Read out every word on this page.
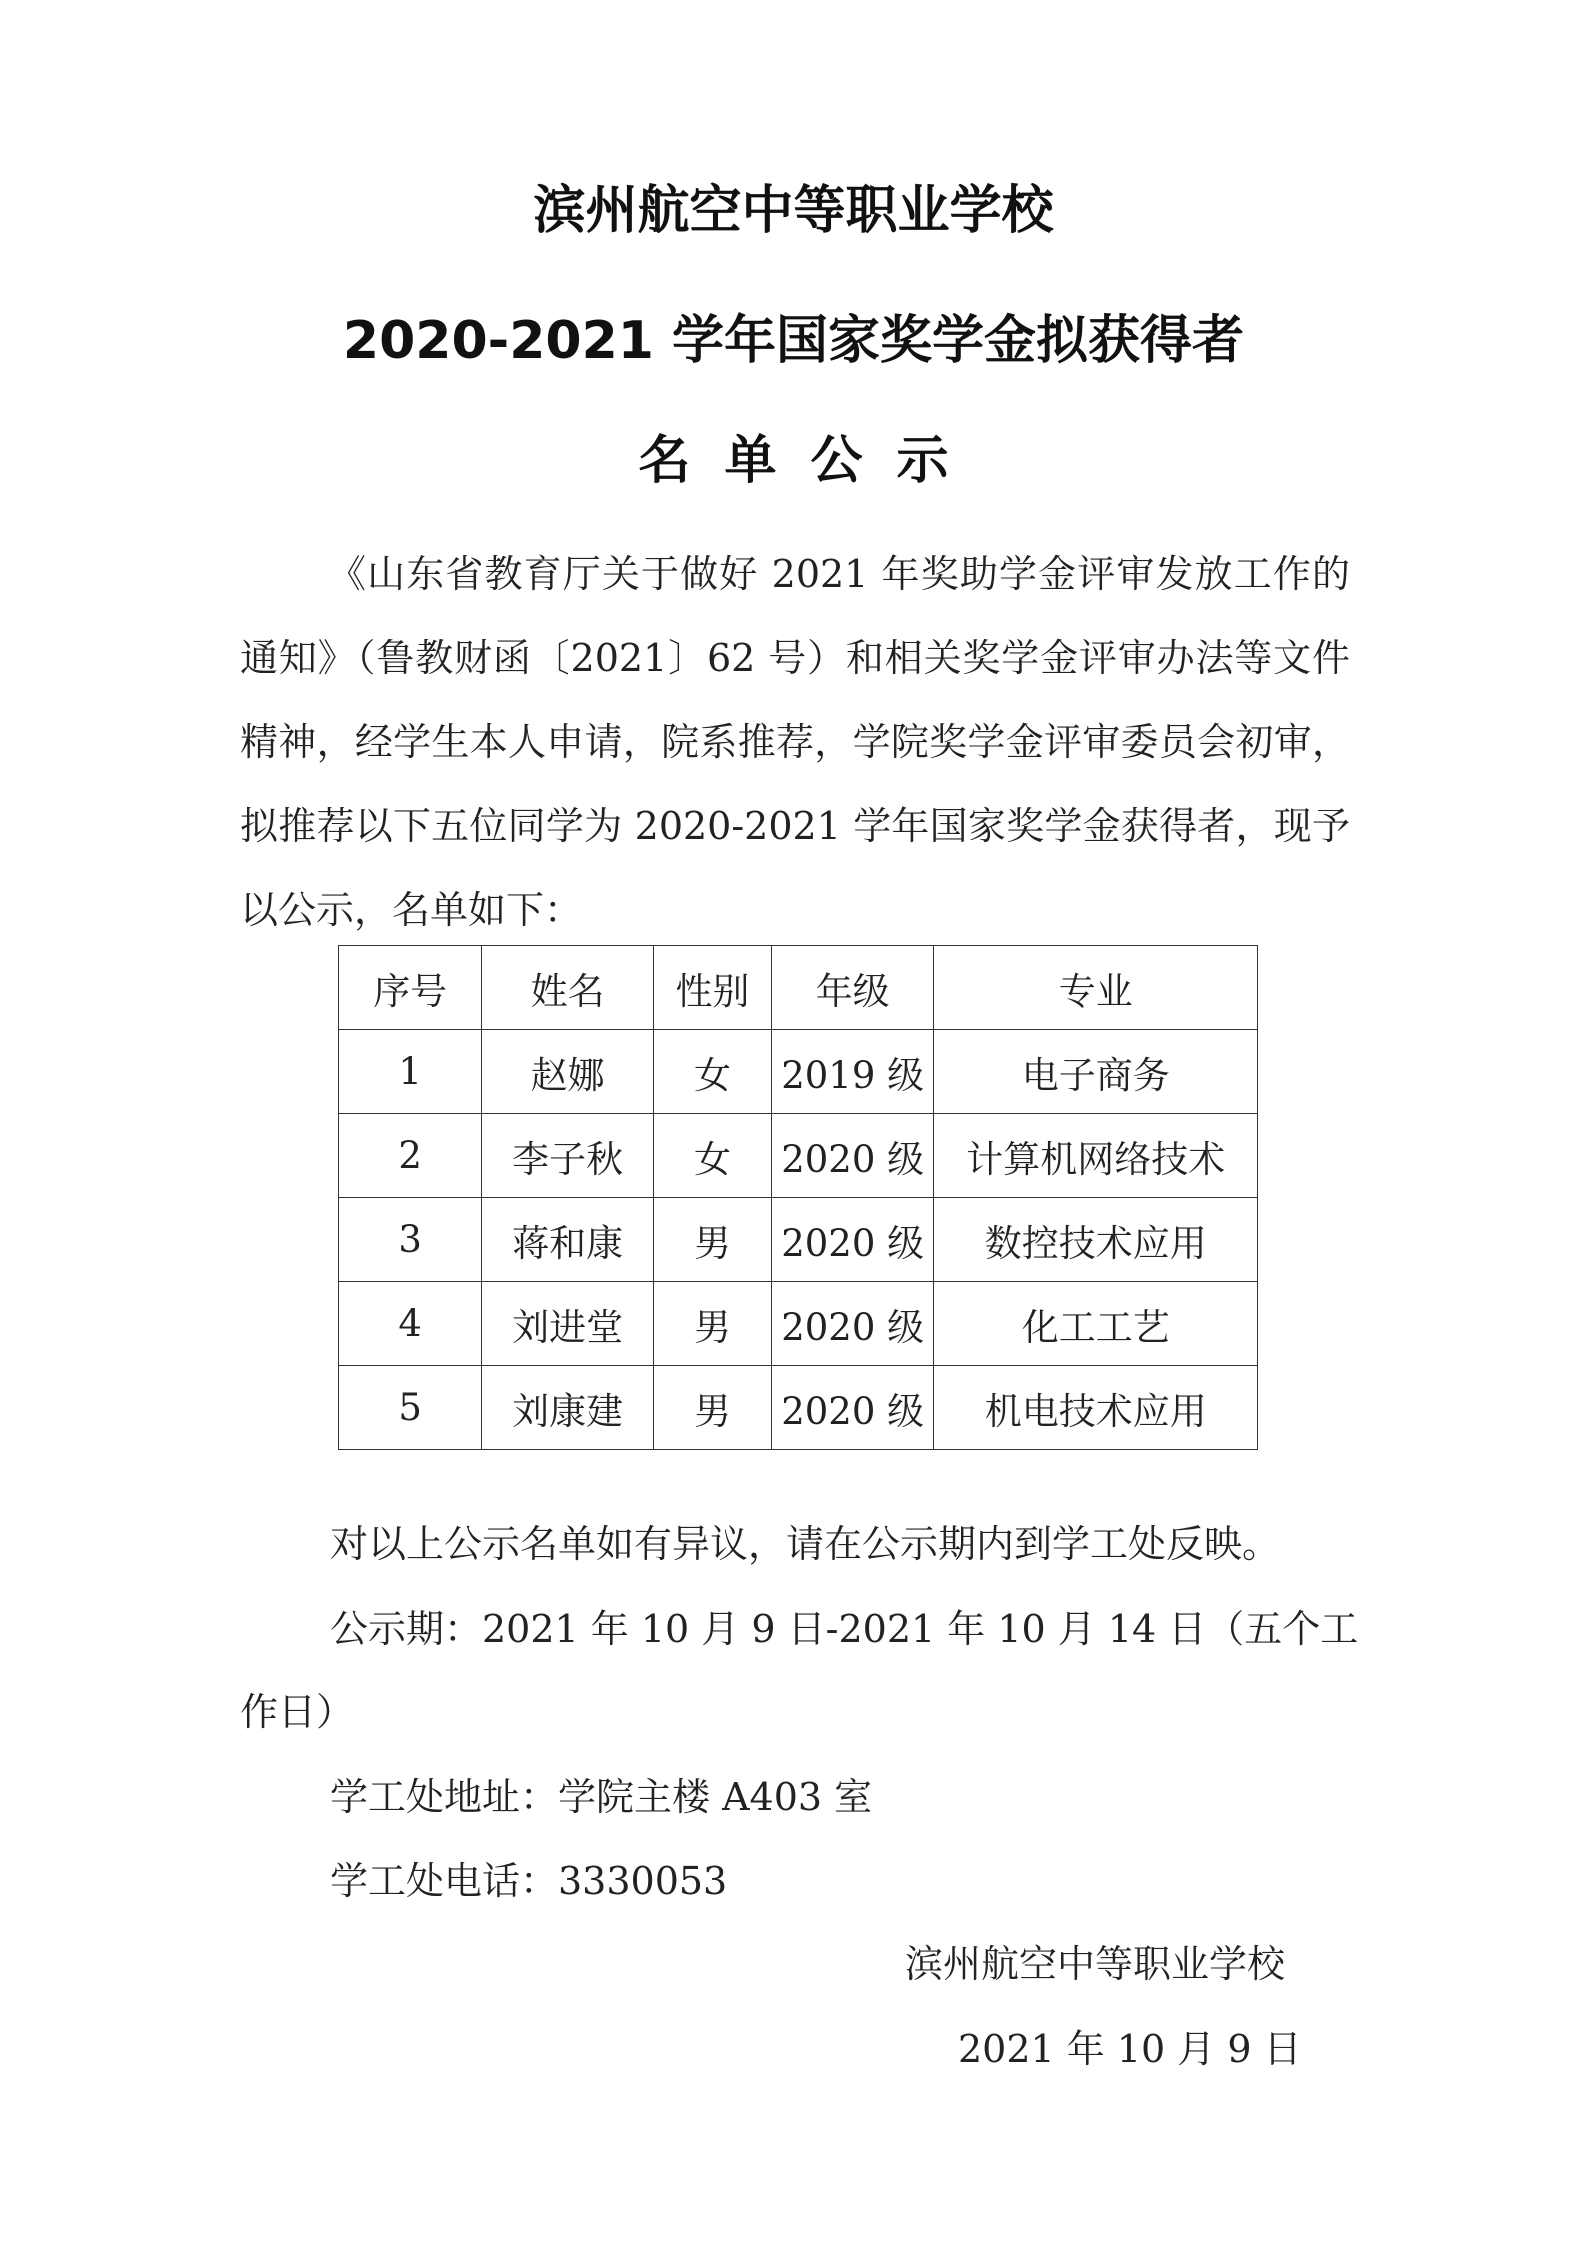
滨州航空中等职业学校
2020-2021 学年国家奖学金拟获得者
名单公示

《山东省教育厅关于做好 2021 年奖助学金评审发放工作的通知》（鲁教财函〔2021〕62 号）和相关奖学金评审办法等文件精神，经学生本人申请，院系推荐，学院奖学金评审委员会初审，拟推荐以下五位同学为 2020-2021 学年国家奖学金获得者，现予以公示，名单如下：

序号	姓名	性别	年级	专业
1	赵娜	女	2019 级	电子商务
2	李子秋	女	2020 级	计算机网络技术
3	蒋和康	男	2020 级	数控技术应用
4	刘进堂	男	2020 级	化工工艺
5	刘康建	男	2020 级	机电技术应用
对以上公示名单如有异议，请在公示期内到学工处反映。
公示期：2021 年 10 月 9 日-2021 年 10 月 14 日（五个工
作日）
学工处地址：学院主楼 A403 室
学工处电话：3330053
滨州航空中等职业学校
2021 年 10 月 9 日
